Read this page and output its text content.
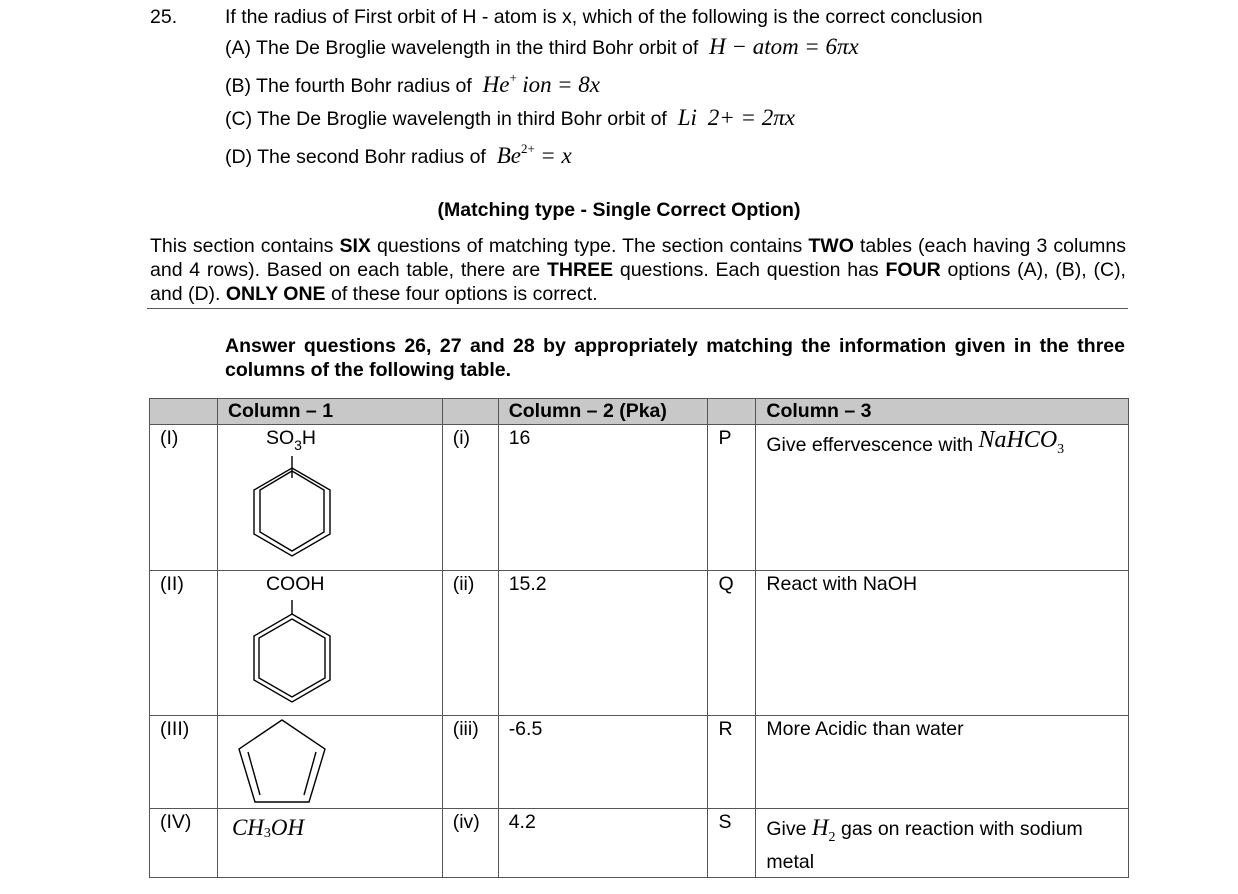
25. If the radius of First orbit of H - atom is x, which of the following is the correct conclusion
(A) The De Broglie wavelength in the third Bohr orbit of H − atom = 6πx
(B) The fourth Bohr radius of He+ ion = 8x
(C) The De Broglie wavelength in third Bohr orbit of Li 2+ = 2πx
(D) The second Bohr radius of $Be^{2+} = x$
(Matching type - Single Correct Option)
This section contains SIX questions of matching type. The section contains TWO tables (each having 3 columns and 4 rows). Based on each table, there are THREE questions. Each question has FOUR options (A), (B), (C), and (D). ONLY ONE of these four options is correct.
Answer questions 26, 27 and 28 by appropriately matching the information given in the three columns of the following table.
	Column – 1		Column – 2 (Pka)		Column – 3
(I)	$SO_3H$	(i)	16	P	Give effervescence with NaHCO$_3$
(II)	COOH	(ii)	15.2	Q	React with NaOH
(III)		(iii)	-6.5	R	More Acidic than water
(IV)	$CH_3OH$	(iv)	4.2	S	Give $H_2$ gas on reaction with sodium metal
